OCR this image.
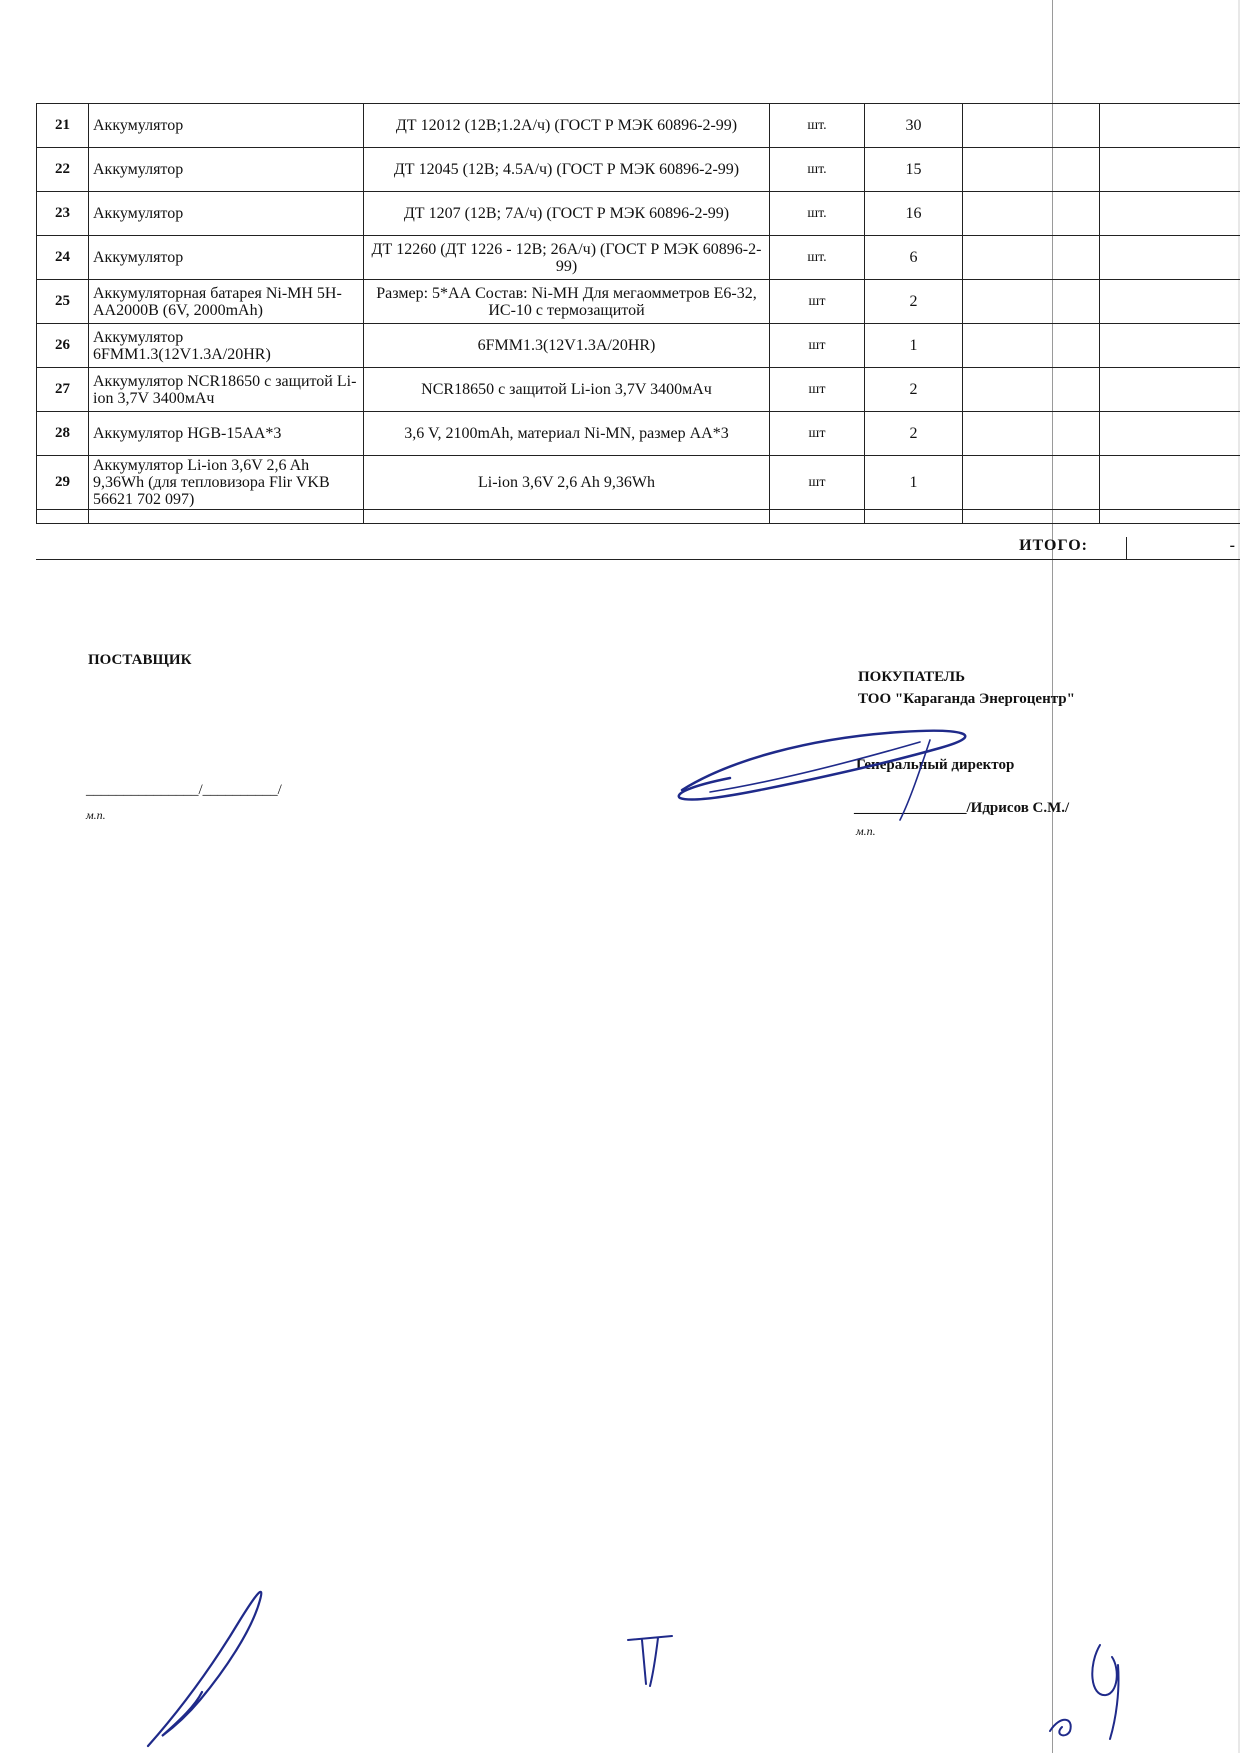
21	Аккумулятор	ДТ 12012 (12В;1.2А/ч) (ГОСТ Р МЭК 60896-2-99)	шт.	30		
22	Аккумулятор	ДТ 12045 (12В; 4.5А/ч) (ГОСТ Р МЭК 60896-2-99)	шт.	15		
23	Аккумулятор	ДТ 1207 (12В; 7А/ч) (ГОСТ Р МЭК 60896-2-99)	шт.	16		
24	Аккумулятор	ДТ 12260 (ДТ 1226 - 12В; 26А/ч) (ГОСТ Р МЭК 60896-2-99)	шт.	6		
25	Аккумуляторная батарея Ni-MH 5H-AA2000B (6V, 2000mAh)	Размер: 5*АА Состав: Ni-MH Для мегаомметров Е6-32, ИС-10 с термозащитой	шт	2		
26	Аккумулятор 6FMM1.3(12V1.3A/20HR)	6FMM1.3(12V1.3A/20HR)	шт	1		
27	Аккумулятор NCR18650 с защитой Li-ion 3,7V 3400мАч	NCR18650 с защитой Li-ion 3,7V 3400мАч	шт	2		
28	Аккумулятор HGB-15AA*3	3,6 V, 2100mAh, материал Ni-MN, размер АА*3	шт	2		
29	Аккумулятор Li-ion 3,6V 2,6 Ah 9,36Wh (для тепловизора Flir VKB 56621 702 097)	Li-ion 3,6V 2,6 Ah 9,36Wh	шт	1		

ИТОГО:	-
ПОСТАВЩИК
_______________/__________/
м.п.
ПОКУПАТЕЛЬ
ТОО "Караганда Энергоцентр"
Генеральный директор
_______________/Идрисов С.М./
м.п.
